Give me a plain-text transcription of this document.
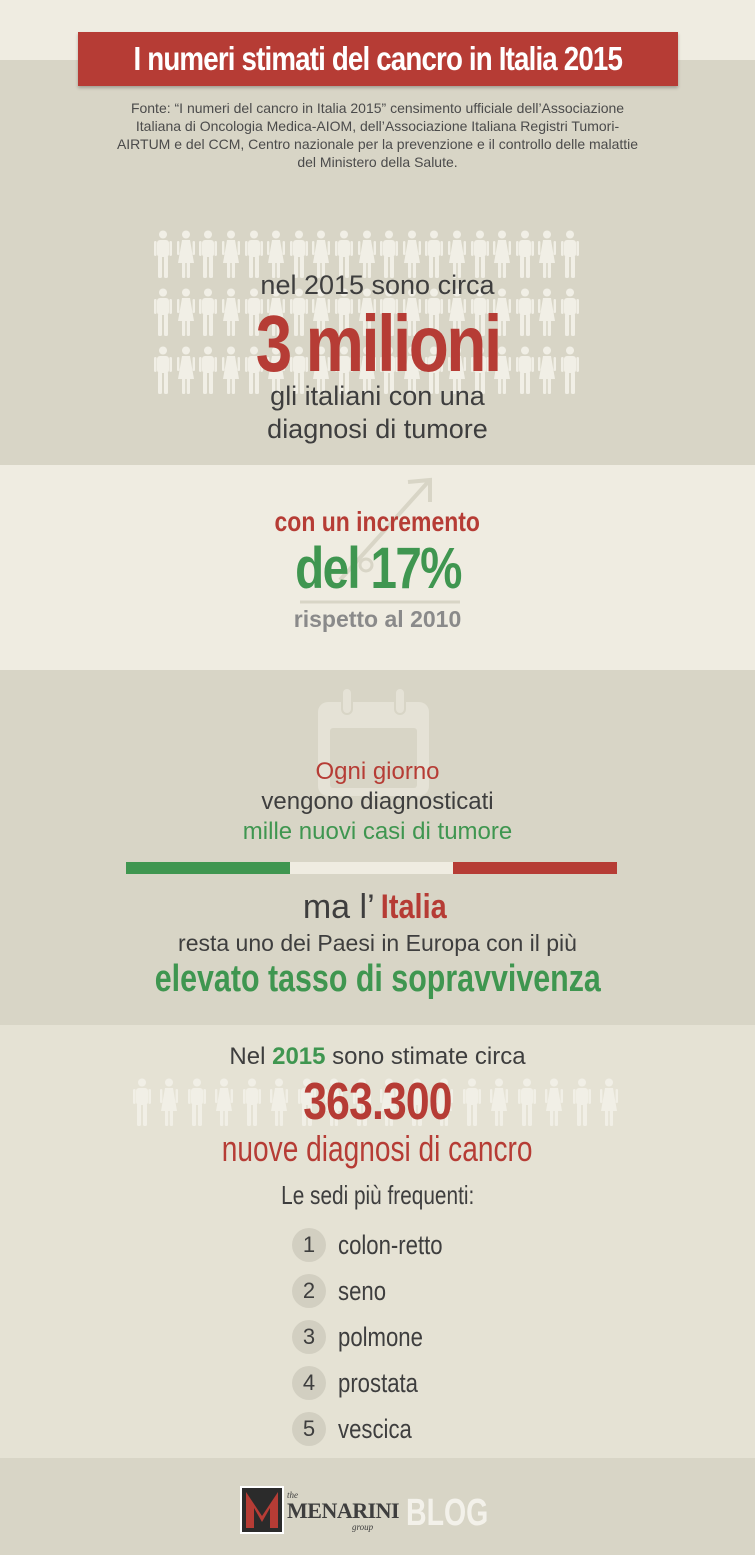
I numeri stimati del cancro in Italia 2015
Fonte: “I numeri del cancro in Italia 2015” censimento ufficiale dell’Associazione Italiana di Oncologia Medica-AIOM, dell’Associazione Italiana Registri Tumori-AIRTUM e del CCM, Centro nazionale per la prevenzione e il controllo delle malattie del Ministero della Salute.
nel 2015 sono circa
3 milioni
gli italiani con una
diagnosi di tumore
con un incremento
del 17%
rispetto al 2010
Ogni giorno
vengono diagnosticati
mille nuovi casi di tumore
ma l’ Italia
resta uno dei Paesi in Europa con il più
elevato tasso di sopravvivenza
Nel 2015 sono stimate circa
363.300
nuove diagnosi di cancro
Le sedi più frequenti:
1 colon-retto
2 seno
3 polmone
4 prostata
5 vescica
the
MENARINI
group BLOG
